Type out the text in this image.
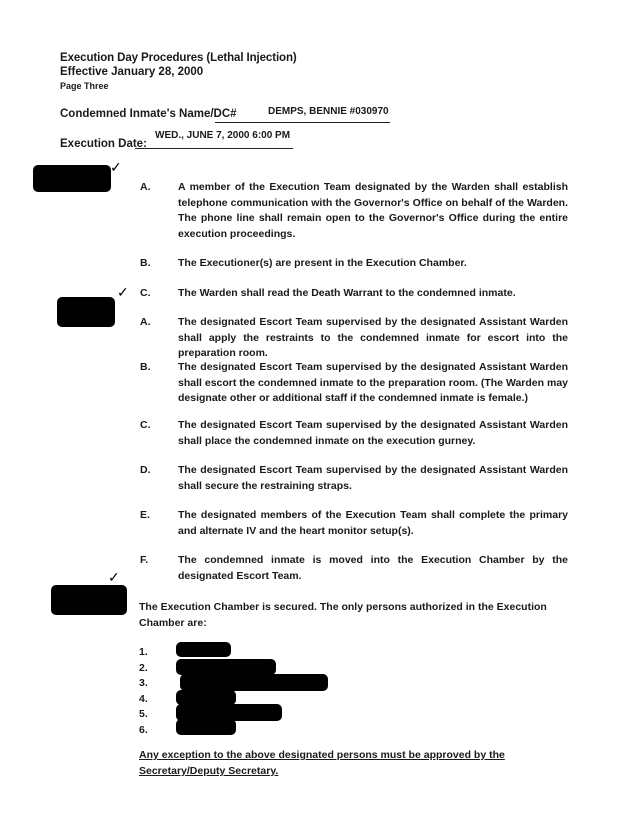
Execution Day Procedures (Lethal Injection)
Effective January 28, 2000
Page Three
Condemned Inmate's Name/DC#	DEMPS, BENNIE #030970
Execution Date:
WED., JUNE 7, 2000 6:00 PM
✓
✓
✓
A.	A member of the Execution Team designated by the Warden shall establish telephone communication with the Governor's Office on behalf of the Warden. The phone line shall remain open to the Governor's Office during the entire execution proceedings.
B.	The Executioner(s) are present in the Execution Chamber.
C.	The Warden shall read the Death Warrant to the condemned inmate.
A.	The designated Escort Team supervised by the designated Assistant Warden shall apply the restraints to the condemned inmate for escort into the preparation room.
B.	The designated Escort Team supervised by the designated Assistant Warden shall escort the condemned inmate to the preparation room. (The Warden may designate other or additional staff if the condemned inmate is female.)
C.	The designated Escort Team supervised by the designated Assistant Warden shall place the condemned inmate on the execution gurney.
D.	The designated Escort Team supervised by the designated Assistant Warden shall secure the restraining straps.
E.	The designated members of the Execution Team shall complete the primary and alternate IV and the heart monitor setup(s).
F.	The condemned inmate is moved into the Execution Chamber by the designated Escort Team.
The Execution Chamber is secured. The only persons authorized in the Execution Chamber are:
1.
2.
3.
4.
5.
6.
Any exception to the above designated persons must be approved by the Secretary/Deputy Secretary.
